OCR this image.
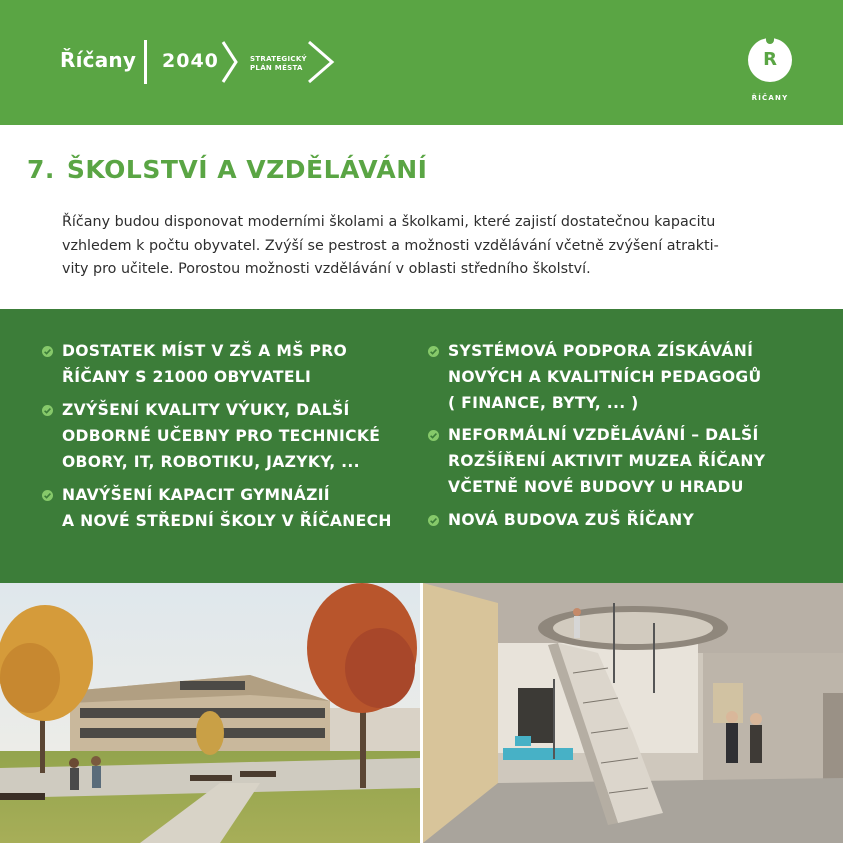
Říčany 2040	STRATEGICKÝ
PLÁN MĚSTA	R
ŘÍČANY
7. ŠKOLSTVÍ A VZDĚLÁVÁNÍ
Říčany budou disponovat moderními školami a školkami, které zajistí dostatečnou kapacitu
vzhledem k počtu obyvatel. Zvýší se pestrost a možnosti vzdělávání včetně zvýšení atrakti-
vity pro učitele. Porostou možnosti vzdělávání v oblasti středního školství.
DOSTATEK MÍST V ZŠ A MŠ PRO
ŘÍČANY S 21000 OBYVATELI
ZVÝŠENÍ KVALITY VÝUKY, DALŠÍ
ODBORNÉ UČEBNY PRO TECHNICKÉ
OBORY, IT, ROBOTIKU, JAZYKY, ...
NAVÝŠENÍ KAPACIT GYMNÁZIÍ
A NOVÉ STŘEDNÍ ŠKOLY V ŘÍČANECH
SYSTÉMOVÁ PODPORA ZÍSKÁVÁNÍ
NOVÝCH A KVALITNÍCH PEDAGOGŮ
( FINANCE, BYTY, ... )
NEFORMÁLNÍ VZDĚLÁVÁNÍ – DALŠÍ
ROZŠÍŘENÍ AKTIVIT MUZEA ŘÍČANY
VČETNĚ NOVÉ BUDOVY U HRADU
NOVÁ BUDOVA ZUŠ ŘÍČANY
